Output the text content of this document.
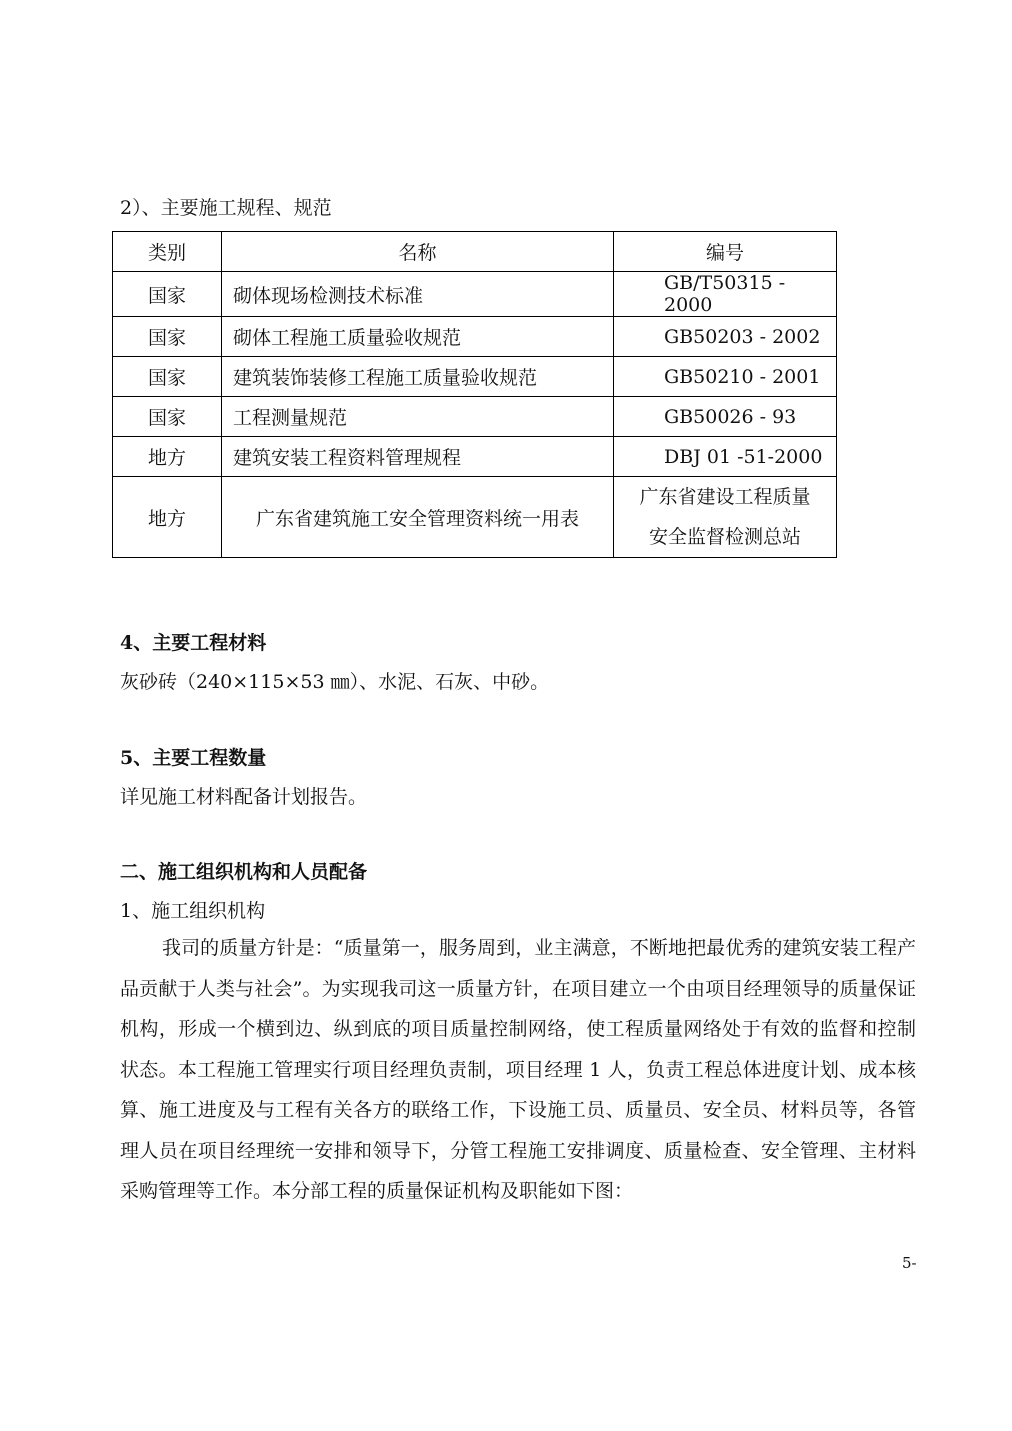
2）、主要施工规程、规范
类别	名称	编号
国家	砌体现场检测技术标准	GB/T50315 - 2000
国家	砌体工程施工质量验收规范	GB50203 - 2002
国家	建筑装饰装修工程施工质量验收规范	GB50210 - 2001
国家	工程测量规范	GB50026 - 93
地方	建筑安装工程资料管理规程	DBJ 01 -51-2000
地方	广东省建筑施工安全管理资料统一用表	广东省建设工程质量
安全监督检测总站
4、主要工程材料
灰砂砖（240×115×53 ㎜）、水泥、石灰、中砂。
5、主要工程数量
详见施工材料配备计划报告。
二、施工组织机构和人员配备
1、施工组织机构
我司的质量方针是：“质量第一，服务周到，业主满意，不断地把最优秀的建筑安装工程产品贡献于人类与社会”。为实现我司这一质量方针，在项目建立一个由项目经理领导的质量保证机构，形成一个横到边、纵到底的项目质量控制网络，使工程质量网络处于有效的监督和控制状态。本工程施工管理实行项目经理负责制，项目经理 1 人，负责工程总体进度计划、成本核算、施工进度及与工程有关各方的联络工作，下设施工员、质量员、安全员、材料员等，各管理人员在项目经理统一安排和领导下，分管工程施工安排调度、质量检查、安全管理、主材料采购管理等工作。本分部工程的质量保证机构及职能如下图：
5-
